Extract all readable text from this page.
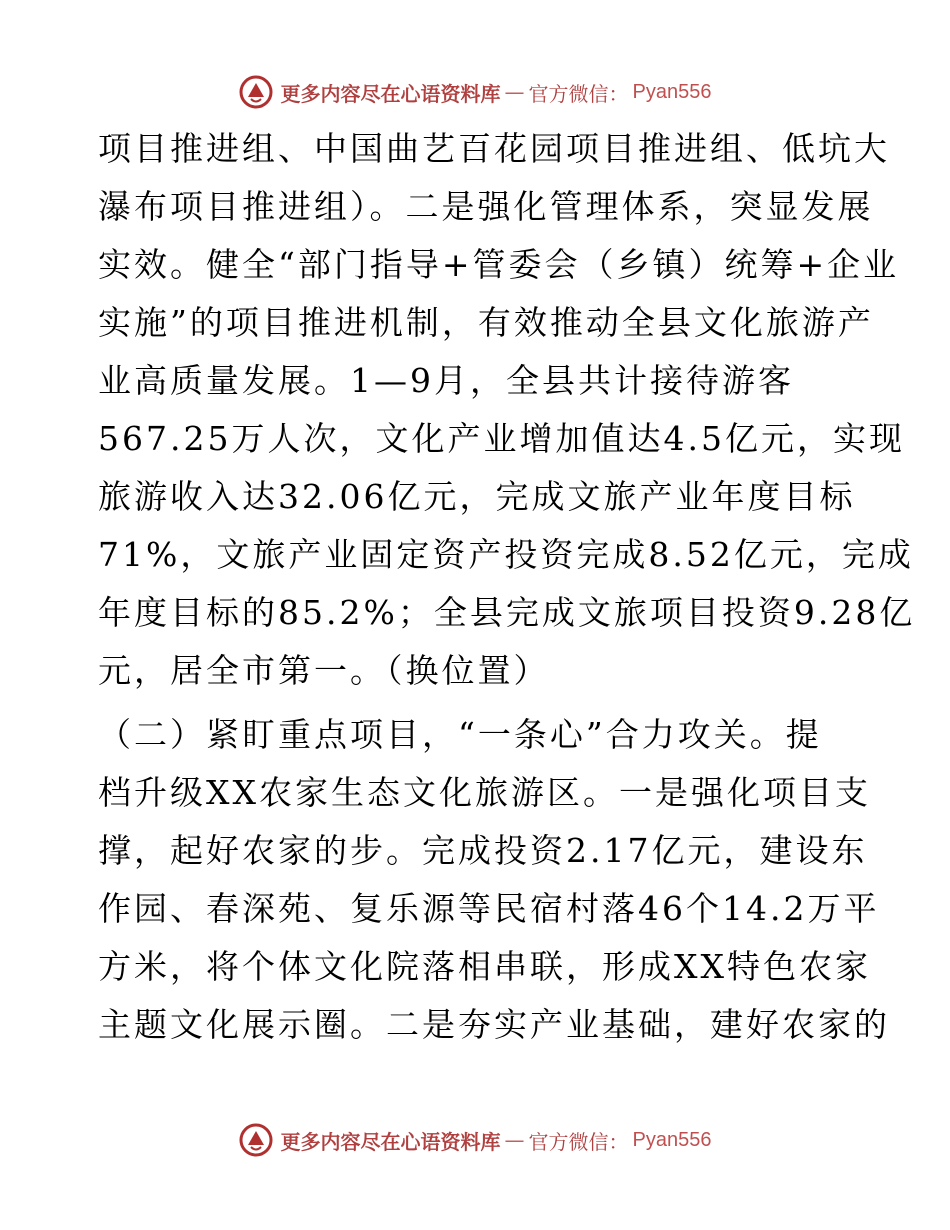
更多内容尽在心语资料库 — 官方微信： Pyan556
项目推进组、中国曲艺百花园项目推进组、低坑大
瀑布项目推进组）。二是强化管理体系，突显发展
实效。健全“部门指导+管委会（乡镇）统筹+企业
实施”的项目推进机制，有效推动全县文化旅游产
业高质量发展。1—9月，全县共计接待游客
567.25万人次，文化产业增加值达4.5亿元，实现
旅游收入达32.06亿元，完成文旅产业年度目标
71%，文旅产业固定资产投资完成8.52亿元，完成
年度目标的85.2%；全县完成文旅项目投资9.28亿
元，居全市第一。（换位置）
（二）紧盯重点项目，“一条心”合力攻关。提
档升级XX农家生态文化旅游区。一是强化项目支
撑，起好农家的步。完成投资2.17亿元，建设东
作园、春深苑、复乐源等民宿村落46个14.2万平
方米，将个体文化院落相串联，形成XX特色农家
主题文化展示圈。二是夯实产业基础，建好农家的
更多内容尽在心语资料库 — 官方微信： Pyan556
